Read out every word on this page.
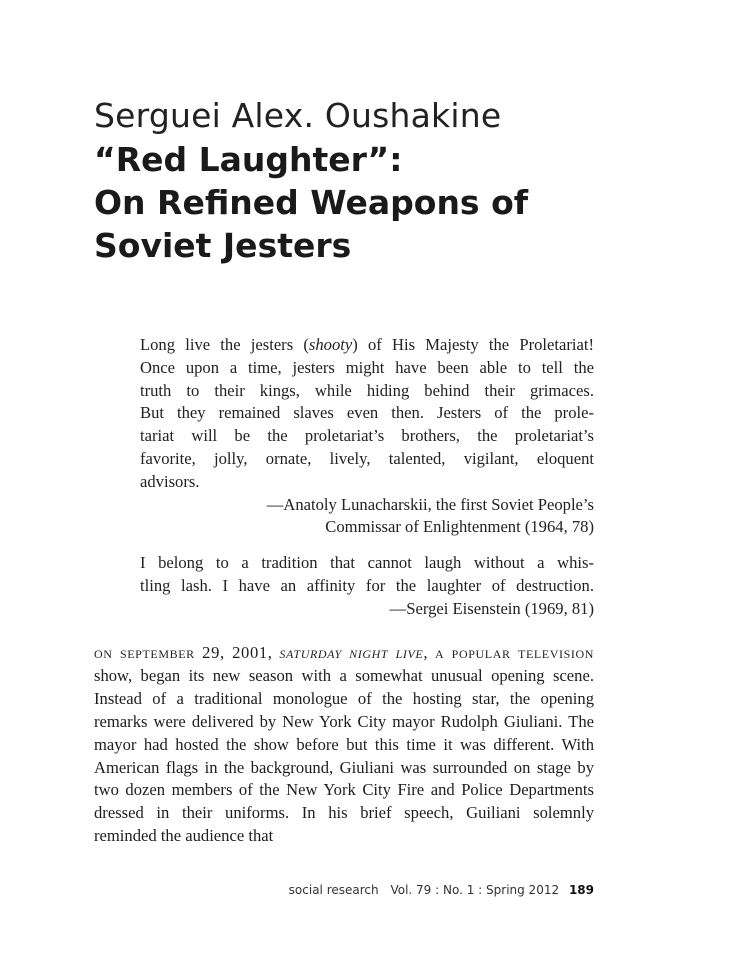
Serguei Alex. Oushakine
“Red Laughter”:
On Refined Weapons of
Soviet Jesters
Long live the jesters (shooty) of His Majesty the Proletariat!
Once upon a time, jesters might have been able to tell the
truth to their kings, while hiding behind their grimaces.
But they remained slaves even then. Jesters of the prole-
tariat will be the proletariat’s brothers, the proletariat’s
favorite, jolly, ornate, lively, talented, vigilant, eloquent
advisors.
—Anatoly Lunacharskii, the first Soviet People’s
Commissar of Enlightenment (1964, 78)
I belong to a tradition that cannot laugh without a whis-
tling lash. I have an affinity for the laughter of destruction.
—Sergei Eisenstein (1969, 81)
on september 29, 2001, saturday night live, a popular television
show, began its new season with a somewhat unusual opening scene.
Instead of a traditional monologue of the hosting star, the opening
remarks were delivered by New York City mayor Rudolph Giuliani. The
mayor had hosted the show before but this time it was different. With
American flags in the background, Giuliani was surrounded on stage by
two dozen members of the New York City Fire and Police Departments
dressed in their uniforms. In his brief speech, Guiliani solemnly
reminded the audience that
social research Vol. 79 : No. 1 : Spring 2012 189
